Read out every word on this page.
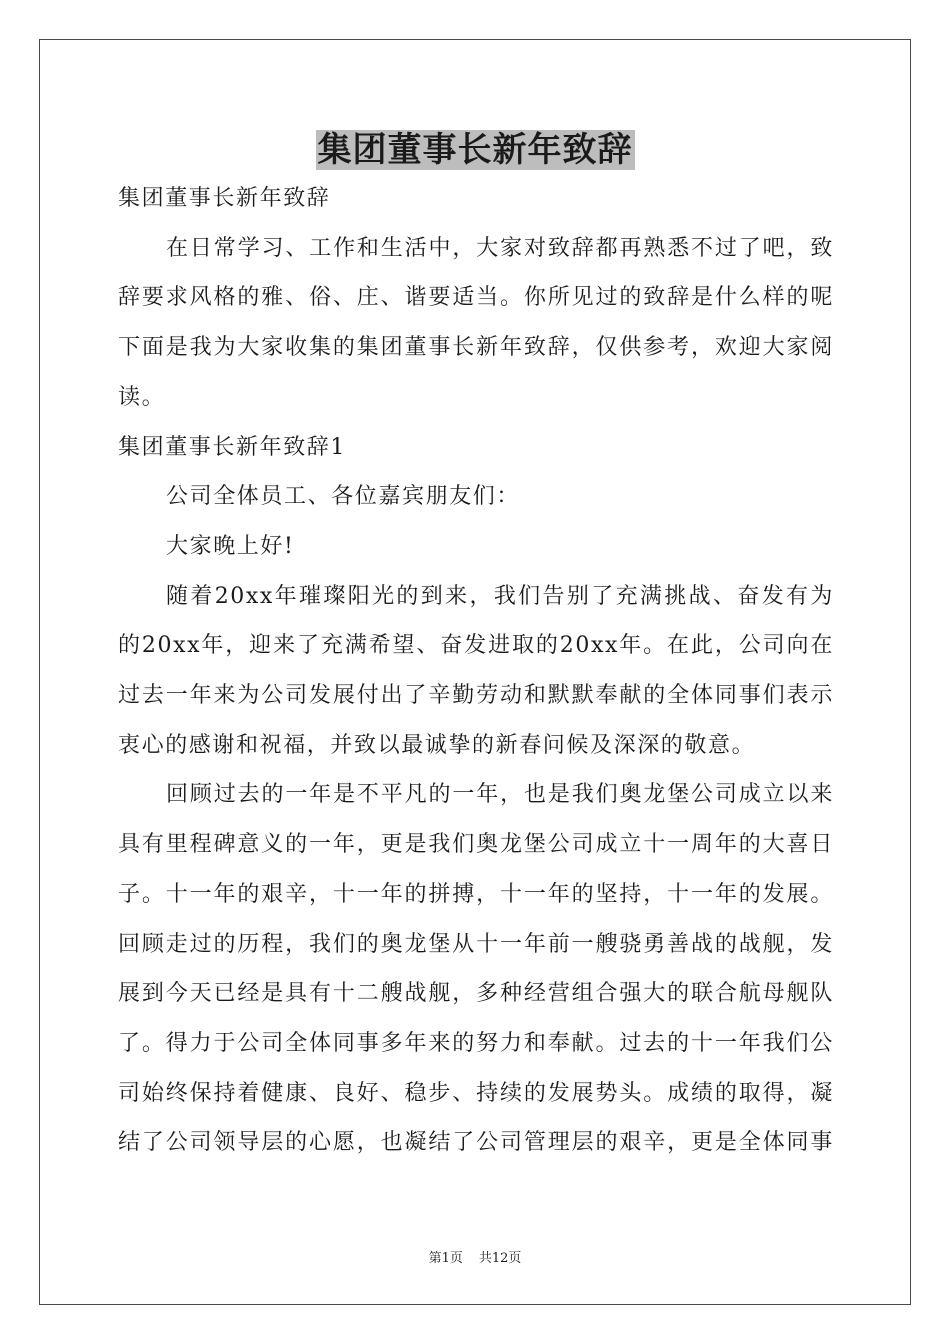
集团董事长新年致辞

集团董事长新年致辞

在日常学习、工作和生活中，大家对致辞都再熟悉不过了吧，致

辞要求风格的雅、俗、庄、谐要适当。你所见过的致辞是什么样的呢

下面是我为大家收集的集团董事长新年致辞，仅供参考，欢迎大家阅

读。

集团董事长新年致辞1

公司全体员工、各位嘉宾朋友们：

大家晚上好!

随着20xx年璀璨阳光的到来，我们告别了充满挑战、奋发有为

的20xx年，迎来了充满希望、奋发进取的20xx年。在此，公司向在

过去一年来为公司发展付出了辛勤劳动和默默奉献的全体同事们表示

衷心的感谢和祝福，并致以最诚挚的新春问候及深深的敬意。

回顾过去的一年是不平凡的一年，也是我们奥龙堡公司成立以来

具有里程碑意义的一年，更是我们奥龙堡公司成立十一周年的大喜日

子。十一年的艰辛，十一年的拼搏，十一年的坚持，十一年的发展。

回顾走过的历程，我们的奥龙堡从十一年前一艘骁勇善战的战舰，发

展到今天已经是具有十二艘战舰，多种经营组合强大的联合航母舰队

了。得力于公司全体同事多年来的努力和奉献。过去的十一年我们公

司始终保持着健康、良好、稳步、持续的发展势头。成绩的取得，凝

结了公司领导层的心愿，也凝结了公司管理层的艰辛，更是全体同事

第1页 共12页
